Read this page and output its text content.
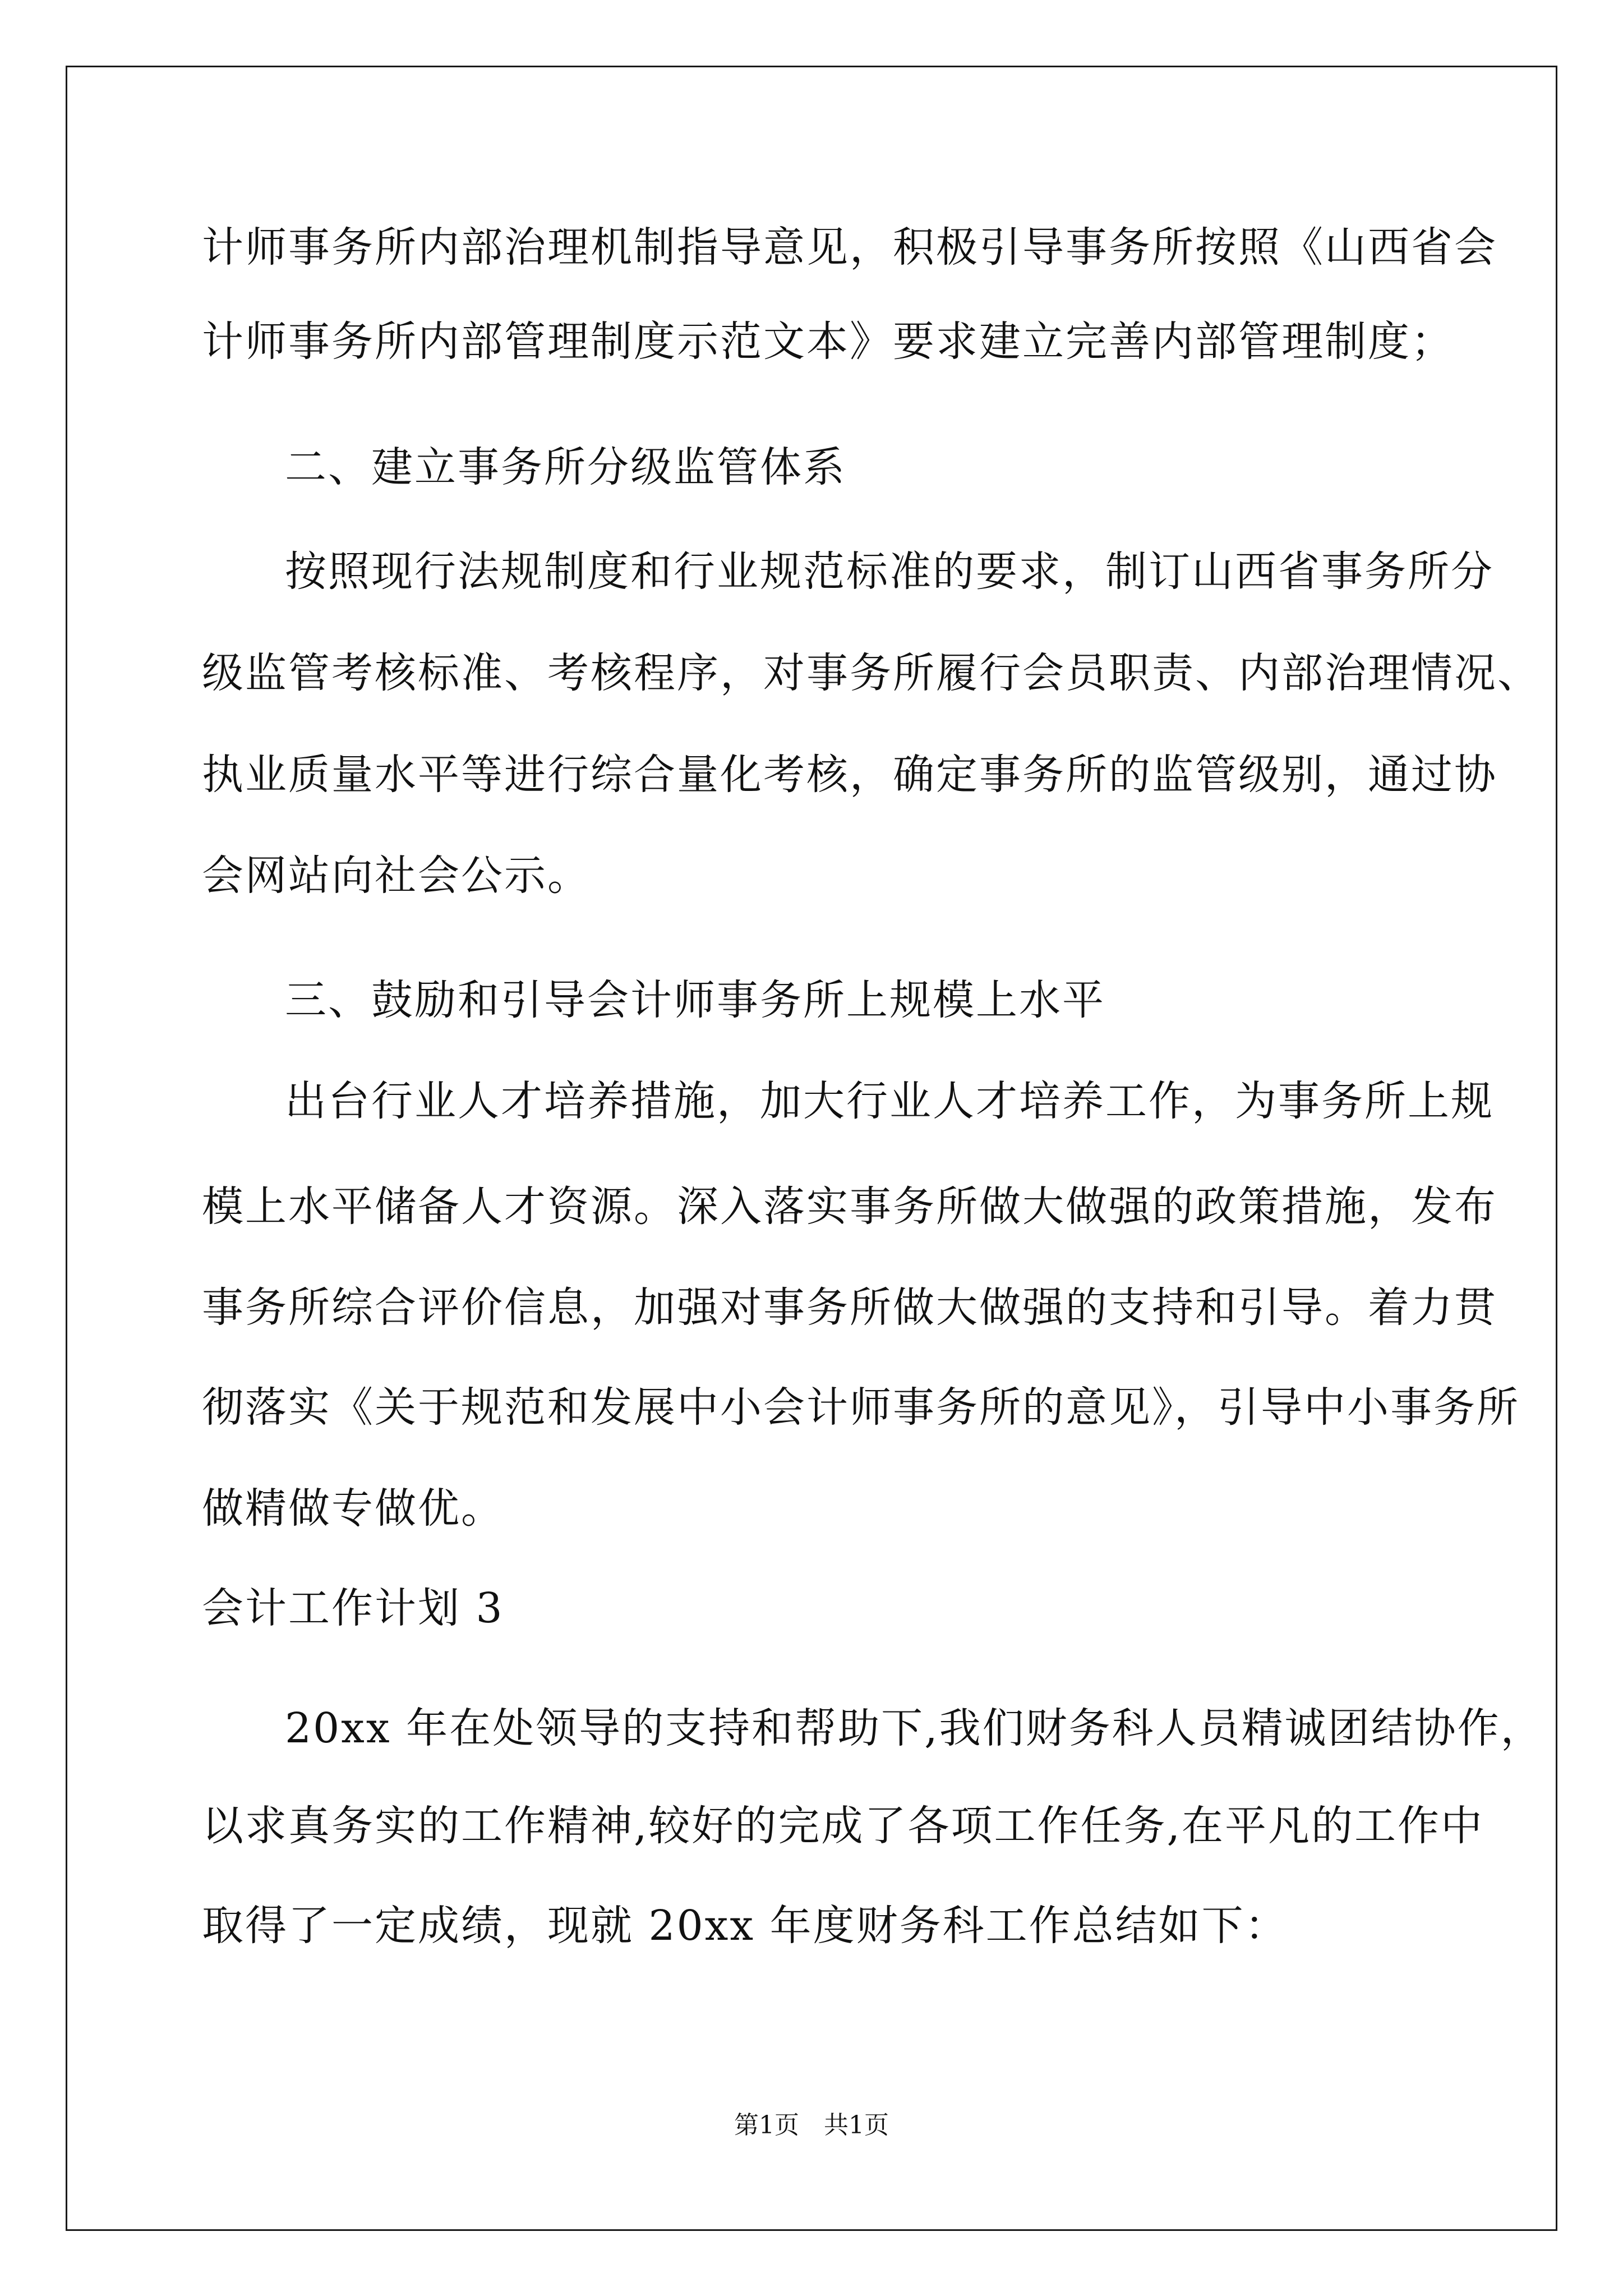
计师事务所内部治理机制指导意见，积极引导事务所按照《山西省会
计师事务所内部管理制度示范文本》要求建立完善内部管理制度；
二、建立事务所分级监管体系
按照现行法规制度和行业规范标准的要求，制订山西省事务所分
级监管考核标准、考核程序，对事务所履行会员职责、内部治理情况、
执业质量水平等进行综合量化考核，确定事务所的监管级别，通过协
会网站向社会公示。
三、鼓励和引导会计师事务所上规模上水平
出台行业人才培养措施，加大行业人才培养工作，为事务所上规
模上水平储备人才资源。深入落实事务所做大做强的政策措施，发布
事务所综合评价信息，加强对事务所做大做强的支持和引导。着力贯
彻落实《关于规范和发展中小会计师事务所的意见》，引导中小事务所
做精做专做优。
会计工作计划 3
20xx 年在处领导的支持和帮助下,我们财务科人员精诚团结协作，
以求真务实的工作精神,较好的完成了各项工作任务,在平凡的工作中
取得了一定成绩，现就 20xx 年度财务科工作总结如下：
第1页　共1页
